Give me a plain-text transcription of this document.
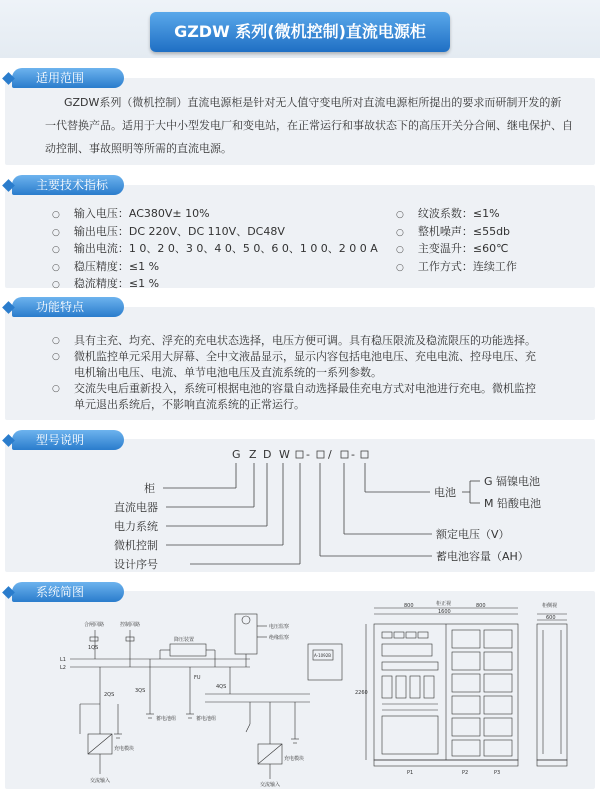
GZDW 系列(微机控制)直流电源柜
适用范围
GZDW系列（微机控制）直流电源柜是针对无人值守变电所对直流电源柜所提出的要求而研制开发的新
一代替换产品。适用于大中小型发电厂和变电站，在正常运行和事故状态下的高压开关分合闸、继电保护、自
动控制、事故照明等所需的直流电源。
主要技术指标
○ 输入电压：AC380V± 10%
○ 输出电压：DC 220V、DC 110V、DC48V
○ 输出电流：1 0、2 0、3 0、4 0、5 0、6 0、1 0 0、2 0 0 A
○ 稳压精度：≤1 %
○ 稳流精度：≤1 %
○ 纹波系数：≤1%
○ 整机噪声：≤55db
○ 主变温升：≤60℃
○ 工作方式：连续工作
功能特点
○	具有主充、均充、浮充的充电状态选择，电压方便可调。具有稳压限流及稳流限压的功能选择。
○	微机监控单元采用大屏幕、全中文液晶显示，显示内容包括电池电压、充电电流、控母电压、充
电机输出电压、电流、单节电池电压及直流系统的一系列参数。
○	交流失电后重新投入，系统可根据电池的容量自动选择最佳充电方式对电池进行充电。微机监控
单元退出系统后，不影响直流系统的正常运行。
型号说明
G Z D W - / -
柜
直流电器
电力系统
微机控制
设计序号
电池
G 镉镍电池
M 铅酸电池
额定电压（V）
蓄电池容量（AH）
系统简图
合闸回路	控制回路
降压装置
L1
L2
电压监察
绝缘监察
1QS
2QS
3QS
4QS
FU
充电模块
蓄电池组	蓄电池组
充电模块
交流输入
交流输入
A-1092B
柜正视
800	800
1600
柜侧视
600
2260
P1	P2	P3
